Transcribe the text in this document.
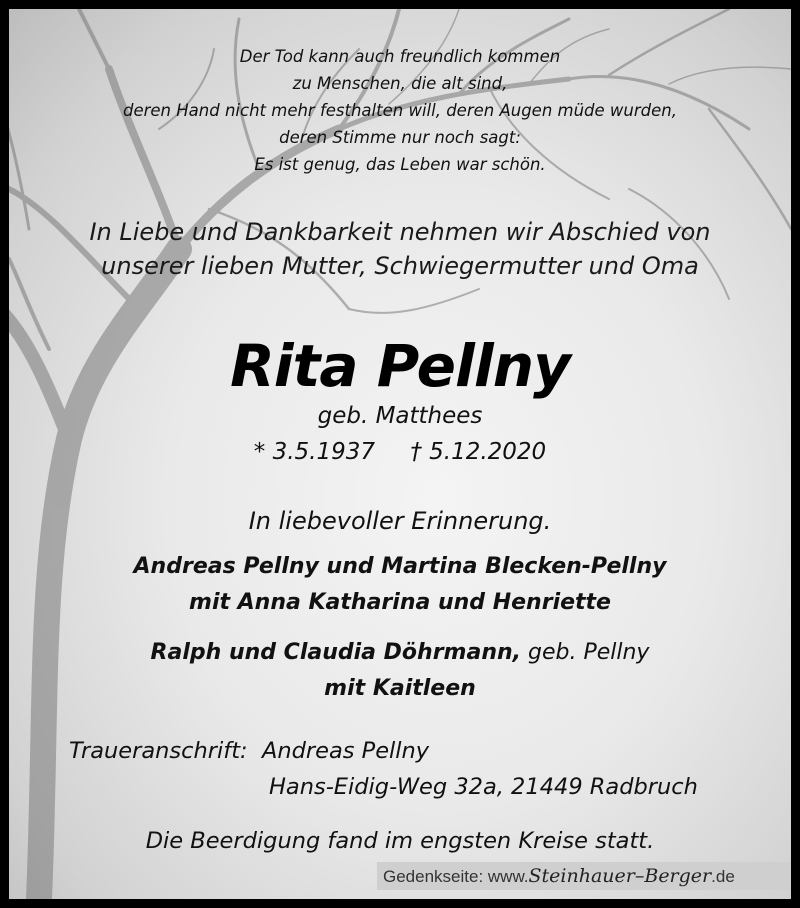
Der Tod kann auch freundlich kommen
zu Menschen, die alt sind,
deren Hand nicht mehr festhalten will, deren Augen müde wurden,
deren Stimme nur noch sagt:
Es ist genug, das Leben war schön.
In Liebe und Dankbarkeit nehmen wir Abschied von
unserer lieben Mutter, Schwiegermutter und Oma
Rita Pellny
geb. Matthees
* 3.5.1937 † 5.12.2020
In liebevoller Erinnerung.
Andreas Pellny und Martina Blecken-Pellny
mit Anna Katharina und Henriette
Ralph und Claudia Döhrmann, geb. Pellny
mit Kaitleen
Traueranschrift: Andreas Pellny
Hans-Eidig-Weg 32a, 21449 Radbruch
Die Beerdigung fand im engsten Kreise statt.
Gedenkseite: www.Steinhauer–Berger.de
